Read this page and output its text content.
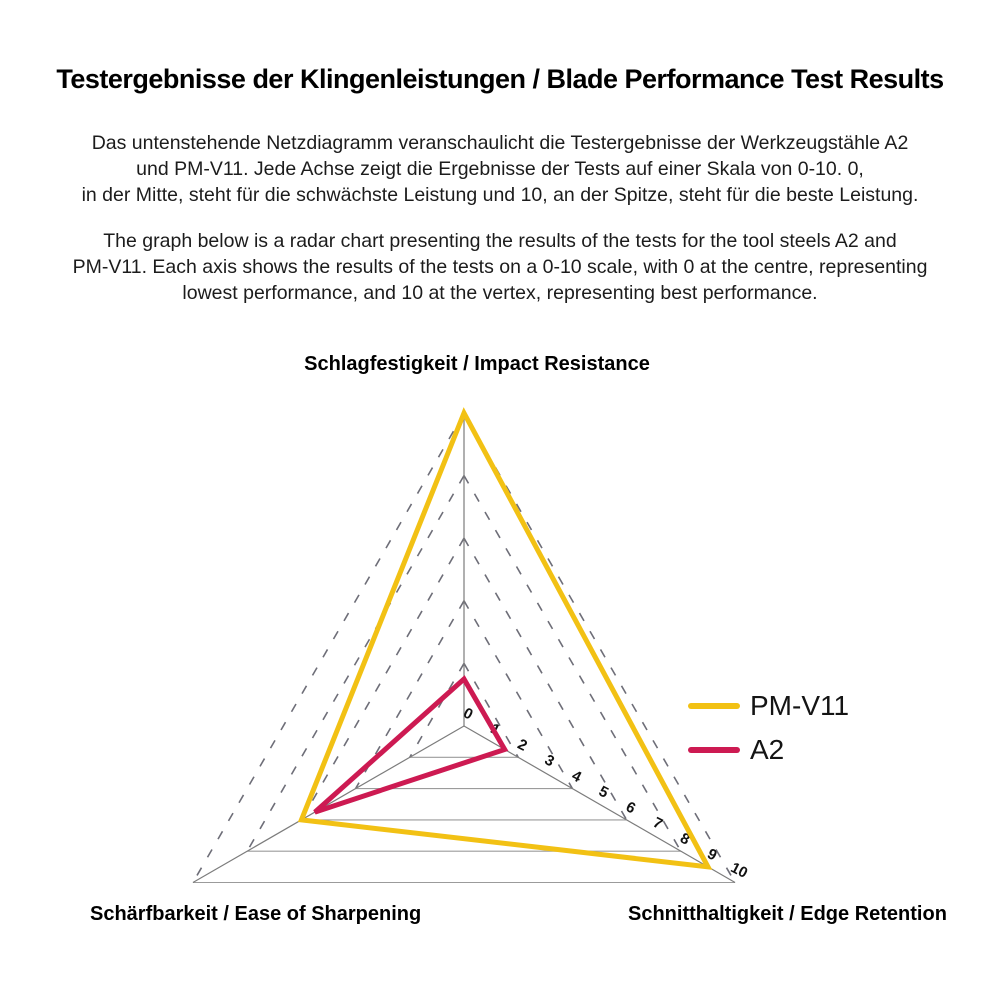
Testergebnisse der Klingenleistungen / Blade Performance Test Results
Das untenstehende Netzdiagramm veranschaulicht die Testergebnisse der Werkzeugstähle A2
und PM-V11. Jede Achse zeigt die Ergebnisse der Tests auf einer Skala von 0-10. 0,
in der Mitte, steht für die schwächste Leistung und 10, an der Spitze, steht für die beste Leistung.
The graph below is a radar chart presenting the results of the tests for the tool steels A2 and
PM-V11. Each axis shows the results of the tests on a 0-10 scale, with 0 at the centre, representing
lowest performance, and 10 at the vertex, representing best performance.
0
1
2
3
4
5
6
7
8
9
10
Schlagfestigkeit / Impact Resistance
Schärfbarkeit / Ease of Sharpening	Schnitthaltigkeit / Edge Retention
PM-V11
A2
